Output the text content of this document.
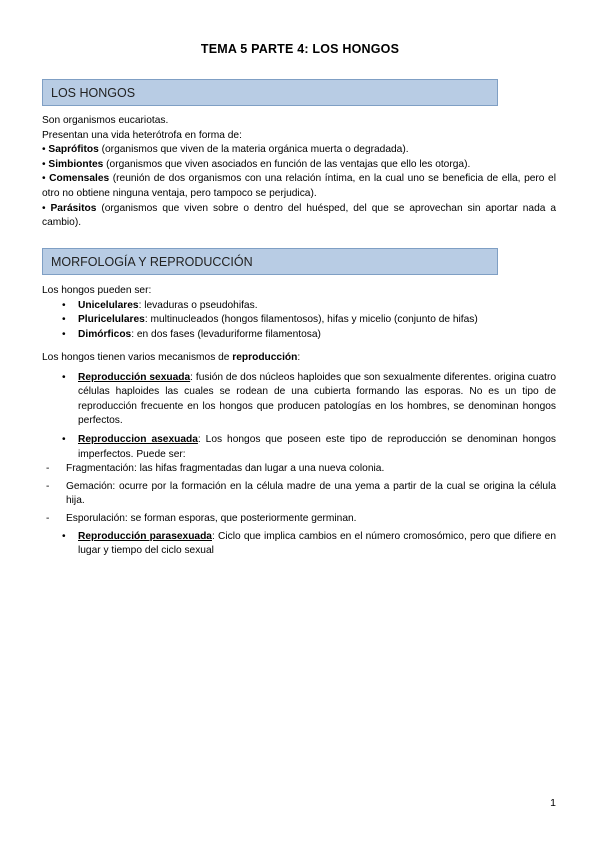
TEMA 5 PARTE 4: LOS HONGOS
LOS HONGOS

Son organismos eucariotas.

Presentan una vida heterótrofa en forma de:

• Saprófitos (organismos que viven de la materia orgánica muerta o degradada).

• Simbiontes (organismos que viven asociados en función de las ventajas que ello les otorga).

• Comensales (reunión de dos organismos con una relación íntima, en la cual uno se beneficia de ella, pero el otro no obtiene ninguna ventaja, pero tampoco se perjudica).

• Parásitos (organismos que viven sobre o dentro del huésped, del que se aprovechan sin aportar nada a cambio).

MORFOLOGÍA Y REPRODUCCIÓN

Los hongos pueden ser:

• Unicelulares: levaduras o pseudohifas.
• Pluricelulares: multinucleados (hongos filamentosos), hifas y micelio (conjunto de hifas)
• Dimórficos: en dos fases (levaduriforme filamentosa)

Los hongos tienen varios mecanismos de reproducción:

• Reproducción sexuada: fusión de dos núcleos haploides que son sexualmente diferentes. origina cuatro células haploides las cuales se rodean de una cubierta formando las esporas. No es un tipo de reproducción frecuente en los hongos que producen patologías en los hombres, se denominan hongos perfectos.
• Reproduccion asexuada: Los hongos que poseen este tipo de reproducción se denominan hongos imperfectos. Puede ser:
- Fragmentación: las hifas fragmentadas dan lugar a una nueva colonia.
- Gemación: ocurre por la formación en la célula madre de una yema a partir de la cual se origina la célula hija.
- Esporulación: se forman esporas, que posteriormente germinan.
• Reproducción parasexuada: Ciclo que implica cambios en el número cromosómico, pero que difiere en lugar y tiempo del ciclo sexual
1
